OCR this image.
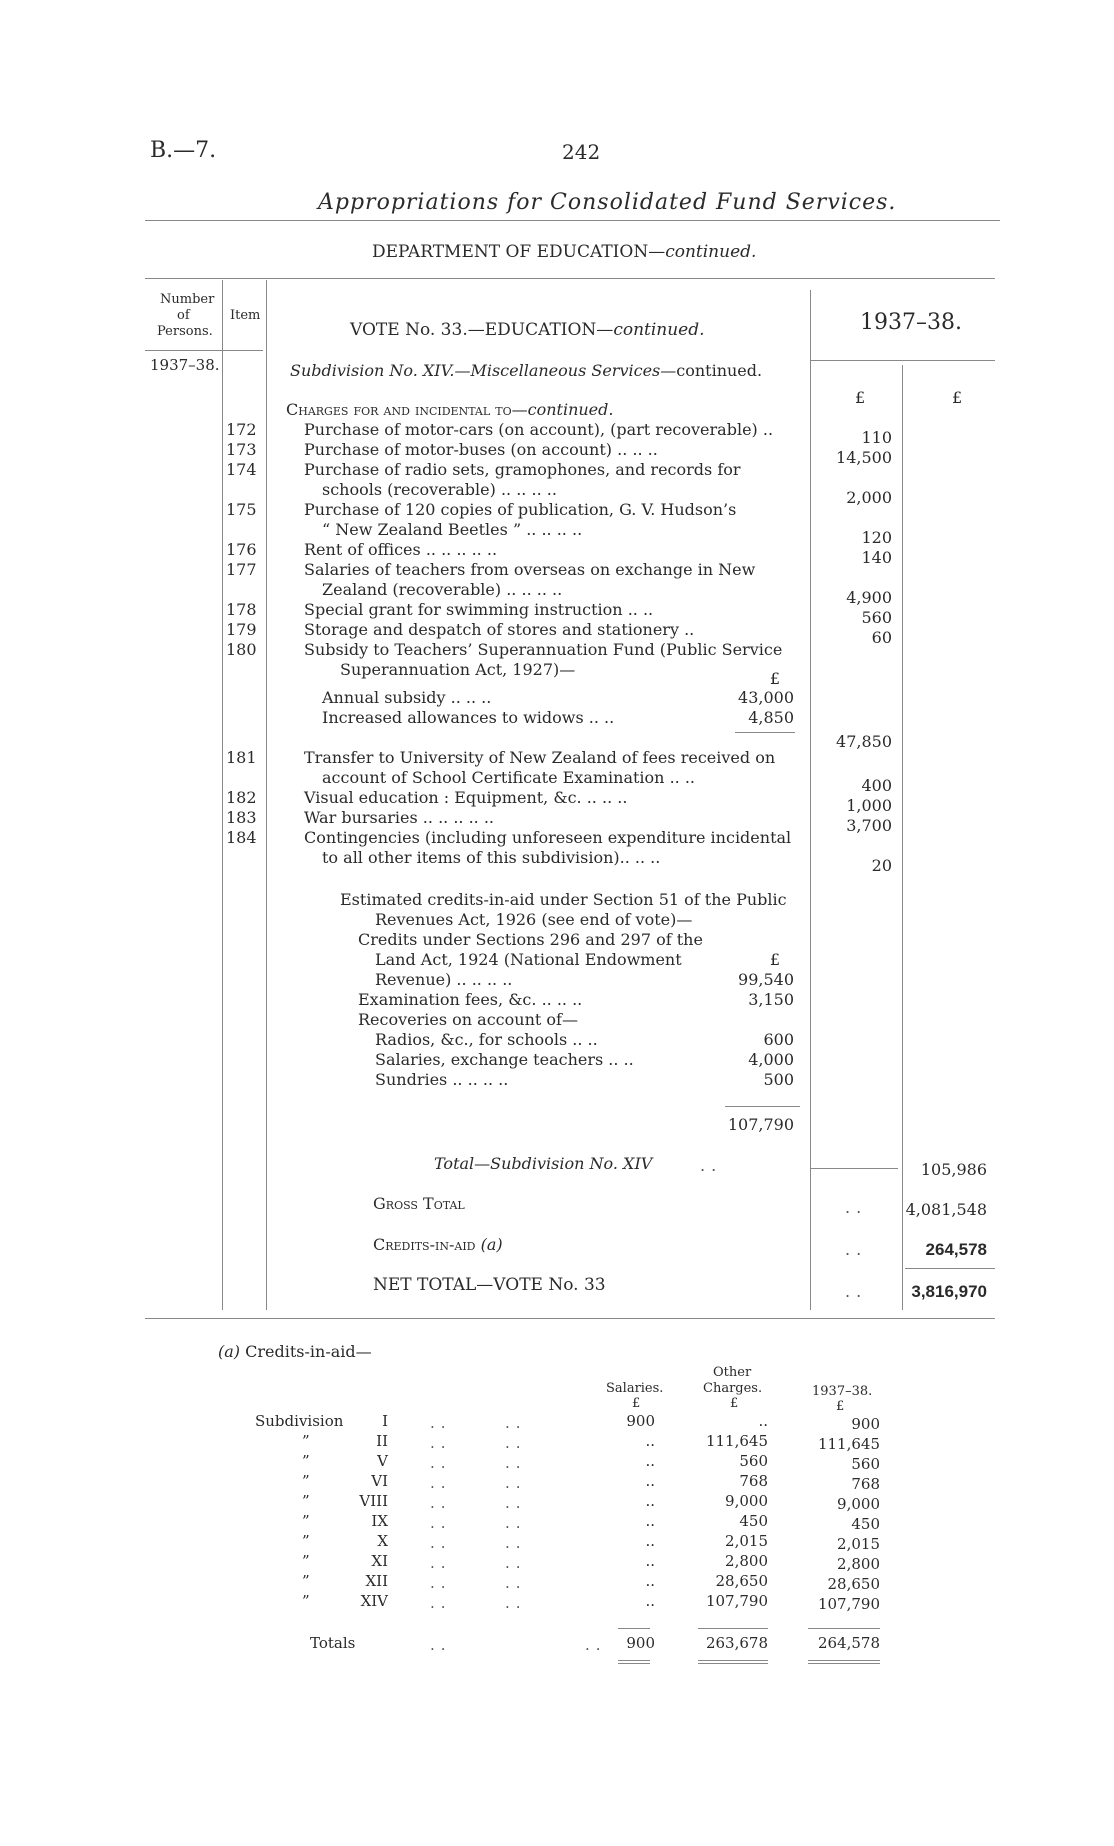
B.—7.	242
Appropriations for Consolidated Fund Services.
DEPARTMENT OF EDUCATION—continued.
Number
of
Persons.
Item
VOTE No. 33.—EDUCATION—continued.	1937–38.
1937–38.
£	£
Subdivision No. XIV.—Miscellaneous Services—continued.
Charges for and incidental to—continued.
172	Purchase of motor-cars (on account), (part recoverable) ..	110
173	Purchase of motor-buses (on account) .. .. ..	14,500
174	Purchase of radio sets, gramophones, and records for
schools (recoverable) .. .. .. ..	2,000
175	Purchase of 120 copies of publication, G. V. Hudson’s
“ New Zealand Beetles ” .. .. .. ..	120
176	Rent of offices .. .. .. .. ..	140
177	Salaries of teachers from overseas on exchange in New
Zealand (recoverable) .. .. .. ..	4,900
178	Special grant for swimming instruction .. ..	560
179	Storage and despatch of stores and stationery ..	60
180	Subsidy to Teachers’ Superannuation Fund (Public Service
Superannuation Act, 1927)—	£
Annual subsidy .. .. ..	43,000
Increased allowances to widows .. ..	4,850
47,850
181	Transfer to University of New Zealand of fees received on
account of School Certificate Examination .. ..	400
182	Visual education : Equipment, &c. .. .. ..	1,000
183	War bursaries .. .. .. .. ..	3,700
184	Contingencies (including unforeseen expenditure incidental
to all other items of this subdivision).. .. ..	20
Estimated credits-in-aid under Section 51 of the Public
Revenues Act, 1926 (see end of vote)—
Credits under Sections 296 and 297 of the
Land Act, 1924 (National Endowment	£
Revenue) .. .. .. ..	99,540
Examination fees, &c. .. .. ..	3,150
Recoveries on account of—
Radios, &c., for schools .. ..	600
Salaries, exchange teachers .. ..	4,000
Sundries .. .. .. ..	500
107,790
Total—Subdivision No. XIV	..	105,986
Gross Total	..	4,081,548
Credits-in-aid (a)	..	264,578
NET TOTAL—VOTE No. 33	..	3,816,970
(a) Credits-in-aid—
Other
Salaries.	Charges.	1937–38.
£	£	£
Subdivision	I	..	..	900	..	900
”	II	..	..	..	111,645	111,645
”	V	..	..	..	560	560
”	VI	..	..	..	768	768
”	VIII	..	..	..	9,000	9,000
”	IX	..	..	..	450	450
”	X	..	..	..	2,015	2,015
”	XI	..	..	..	2,800	2,800
”	XII	..	..	..	28,650	28,650
”	XIV	..	..	..	107,790	107,790
Totals	..	..	900	263,678	264,578
